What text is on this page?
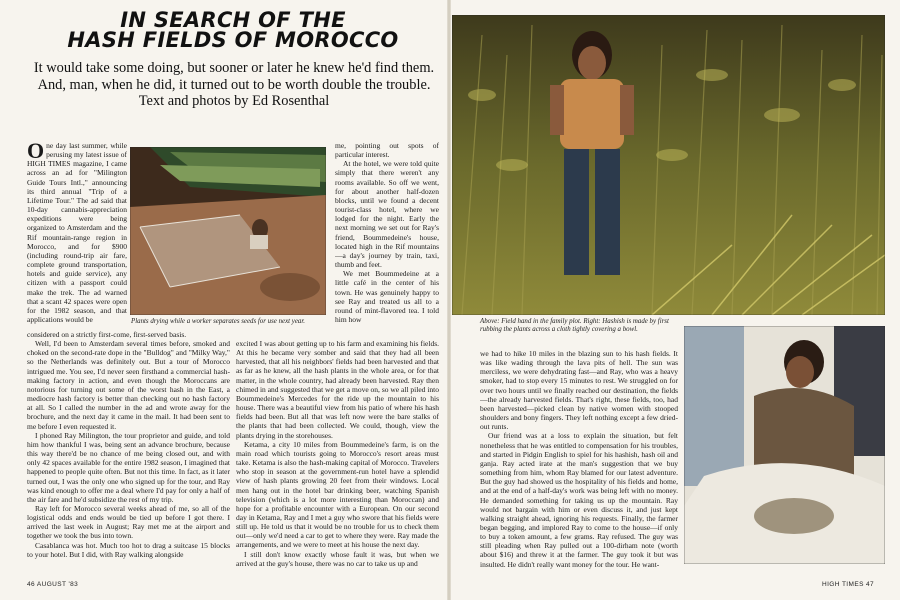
IN SEARCH OF THE
HASH FIELDS OF MOROCCO
It would take some doing, but sooner or later he knew he'd find them. And, man, when he did, it turned out to be worth double the trouble. Text and photos by Ed Rosenthal

One day last summer, while perusing my latest issue of HIGH TIMES magazine, I came across an ad for "Milington Guide Tours Intl.," announcing its third annual "Trip of a Lifetime Tour." The ad said that 10-day cannabis-appreciation expeditions were being organized to Amsterdam and the Rif mountain-range region in Morocco, and for $900 (including round-trip air fare, complete ground transportation, hotels and guide service), any citizen with a passport could make the trek. The ad warned that a scant 42 spaces were open for the 1982 season, and that applications would be	Plants drying while a worker separates seeds for use next year.

me, pointing out spots of particular interest.

At the hotel, we were told quite simply that there weren't any rooms available. So off we went, for about another half-dozen blocks, until we found a decent tourist-class hotel, where we lodged for the night. Early the next morning we set out for Ray's friend, Boummedeine's house, located high in the Rif mountains—a day's journey by train, taxi, thumb and feet.

We met Boummedeine at a little café in the center of his town. He was genuinely happy to see Ray and treated us all to a round of mint-flavored tea. I told him how

considered on a strictly first-come, first-served basis.

Well, I'd been to Amsterdam several times before, smoked and choked on the second-rate dope in the "Bulldog" and "Milky Way," so the Netherlands was definitely out. But a tour of Morocco intrigued me. You see, I'd never seen firsthand a commercial hash-making factory in action, and even though the Moroccans are notorious for turning out some of the worst hash in the East, a mediocre hash factory is better than checking out no hash factory at all. So I called the number in the ad and wrote away for the brochure, and the next day it came in the mail. It had been sent to me before I even requested it.

I phoned Ray Milington, the tour proprietor and guide, and told him how thankful I was, being sent an advance brochure, because this way there'd be no chance of me being closed out, and with only 42 spaces available for the entire 1982 season, I imagined that happened to people quite often. But not this time. In fact, as it later turned out, I was the only one who signed up for the tour, and Ray was kind enough to offer me a deal where I'd pay for only a half of the air fare and he'd subsidize the rest of my trip.

Ray left for Morocco several weeks ahead of me, so all of the logistical odds and ends would be tied up before I got there. I arrived the last week in August; Ray met me at the airport and together we took the bus into town.

Casablanca was hot. Much too hot to drag a suitcase 15 blocks to your hotel. But I did, with Ray walking alongside

excited I was about getting up to his farm and examining his fields. At this he became very somber and said that they had all been harvested, that all his neighbors' fields had been harvested and that as far as he knew, all the hash plants in the whole area, or for that matter, in the whole country, had already been harvested. Ray then chimed in and suggested that we get a move on, so we all piled into Boummedeine's Mercedes for the ride up the mountain to his house. There was a beautiful view from his patio of where his hash fields had been. But all that was left now were the bare stalks of the plants that had been collected. We could, though, view the plants drying in the storehouses.

Ketama, a city 10 miles from Boummedeine's farm, is on the main road which tourists going to Morocco's resort areas must take. Ketama is also the hash-making capital of Morocco. Travelers who stop in season at the government-run hotel have a splendid view of hash plants growing 20 feet from their windows. Local men hang out in the hotel bar drinking beer, watching Spanish television (which is a lot more interesting than Moroccan) and hope for a profitable encounter with a European. On our second day in Ketama, Ray and I met a guy who swore that his fields were still up. He told us that it would be no trouble for us to check them out—only we'd need a car to get to where they were. Ray made the arrangements, and we were to meet at his house the next day.

I still don't know exactly whose fault it was, but when we arrived at the guy's house, there was no car to take us up and

46 AUGUST '83
Above: Field hand in the family plot. Right: Hashish is made by first rubbing the plants across a cloth tightly covering a bowl.

we had to hike 10 miles in the blazing sun to his hash fields. It was like wading through the lava pits of hell. The sun was merciless, we were dehydrating fast—and Ray, who was a heavy smoker, had to stop every 15 minutes to rest. We struggled on for over two hours until we finally reached our destination, the fields—the already harvested fields. That's right, these fields, too, had been harvested—picked clean by native women with stooped shoulders and bony fingers. They left nothing except a few dried-out runts.

Our friend was at a loss to explain the situation, but felt nonetheless that he was entitled to compensation for his troubles, and started in Pidgin English to spiel for his hashish, hash oil and ganja. Ray acted irate at the man's suggestion that we buy something from him, whom Ray blamed for our latest adventure. But the guy had showed us the hospitality of his fields and home, and at the end of a half-day's work was being left with no money. He demanded something for taking us up the mountain. Ray would not bargain with him or even discuss it, and just kept walking straight ahead, ignoring his requests. Finally, the farmer began begging, and implored Ray to come to the house—if only to buy a token amount, a few grams. Ray refused. The guy was still pleading when Ray pulled out a 100-dirham note (worth about $16) and threw it at the farmer. The guy took it but was insulted. He didn't really want money for the tour. He want-

HIGH TIMES 47
